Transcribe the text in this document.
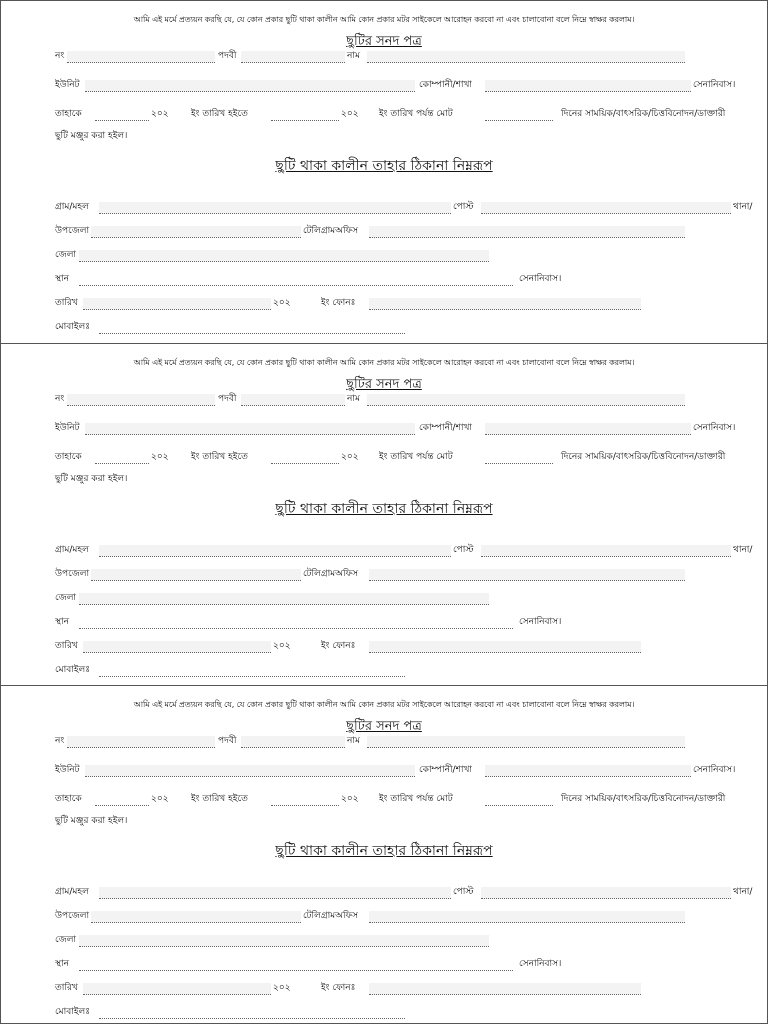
আমি এই মর্মে প্রত্যয়ন করছি যে, যে কোন প্রকার ছুটি থাকা কালীন আমি কোন প্রকার মটর সাইকেলে আরোহন করবো না এবং চালাবোনা বলে নিম্নে স্বাক্ষর করলাম।
ছুটির সনদ পত্র
নং	পদবী	নাম
ইউনিট	কোম্পানী/শাখা	সেনানিবাস।
তাহাকে	২০২ ইং তারিখ হইতে	২০২ ইং তারিখ পর্যন্ত মোট	দিনের সাময়িক/বাৎসরিক/চিত্তবিনোদন/ডাক্তারী
ছুটি মঞ্জুর করা হইল।
ছুটি থাকা কালীন তাহার ঠিকানা নিম্নরূপ
গ্রাম/মহল	পোস্ট	থানা/
উপজেলা	টেলিগ্রামঅফিস
জেলা
স্থান	সেনানিবাস।
তারিখ	২০২	ইং ফোনঃ
মোবাইলঃ
আমি এই মর্মে প্রত্যয়ন করছি যে, যে কোন প্রকার ছুটি থাকা কালীন আমি কোন প্রকার মটর সাইকেলে আরোহন করবো না এবং চালাবোনা বলে নিম্নে স্বাক্ষর করলাম।
ছুটির সনদ পত্র
নং	পদবী	নাম
ইউনিট	কোম্পানী/শাখা	সেনানিবাস।
তাহাকে	২০২ ইং তারিখ হইতে	২০২ ইং তারিখ পর্যন্ত মোট	দিনের সাময়িক/বাৎসরিক/চিত্তবিনোদন/ডাক্তারী
ছুটি মঞ্জুর করা হইল।
ছুটি থাকা কালীন তাহার ঠিকানা নিম্নরূপ
গ্রাম/মহল	পোস্ট	থানা/
উপজেলা	টেলিগ্রামঅফিস
জেলা
স্থান	সেনানিবাস।
তারিখ	২০২	ইং ফোনঃ
মোবাইলঃ
আমি এই মর্মে প্রত্যয়ন করছি যে, যে কোন প্রকার ছুটি থাকা কালীন আমি কোন প্রকার মটর সাইকেলে আরোহন করবো না এবং চালাবোনা বলে নিম্নে স্বাক্ষর করলাম।
ছুটির সনদ পত্র
নং	পদবী	নাম
ইউনিট	কোম্পানী/শাখা	সেনানিবাস।
তাহাকে	২০২ ইং তারিখ হইতে	২০২ ইং তারিখ পর্যন্ত মোট	দিনের সাময়িক/বাৎসরিক/চিত্তবিনোদন/ডাক্তারী
ছুটি মঞ্জুর করা হইল।
ছুটি থাকা কালীন তাহার ঠিকানা নিম্নরূপ
গ্রাম/মহল	পোস্ট	থানা/
উপজেলা	টেলিগ্রামঅফিস
জেলা
স্থান	সেনানিবাস।
তারিখ	২০২	ইং ফোনঃ
মোবাইলঃ
